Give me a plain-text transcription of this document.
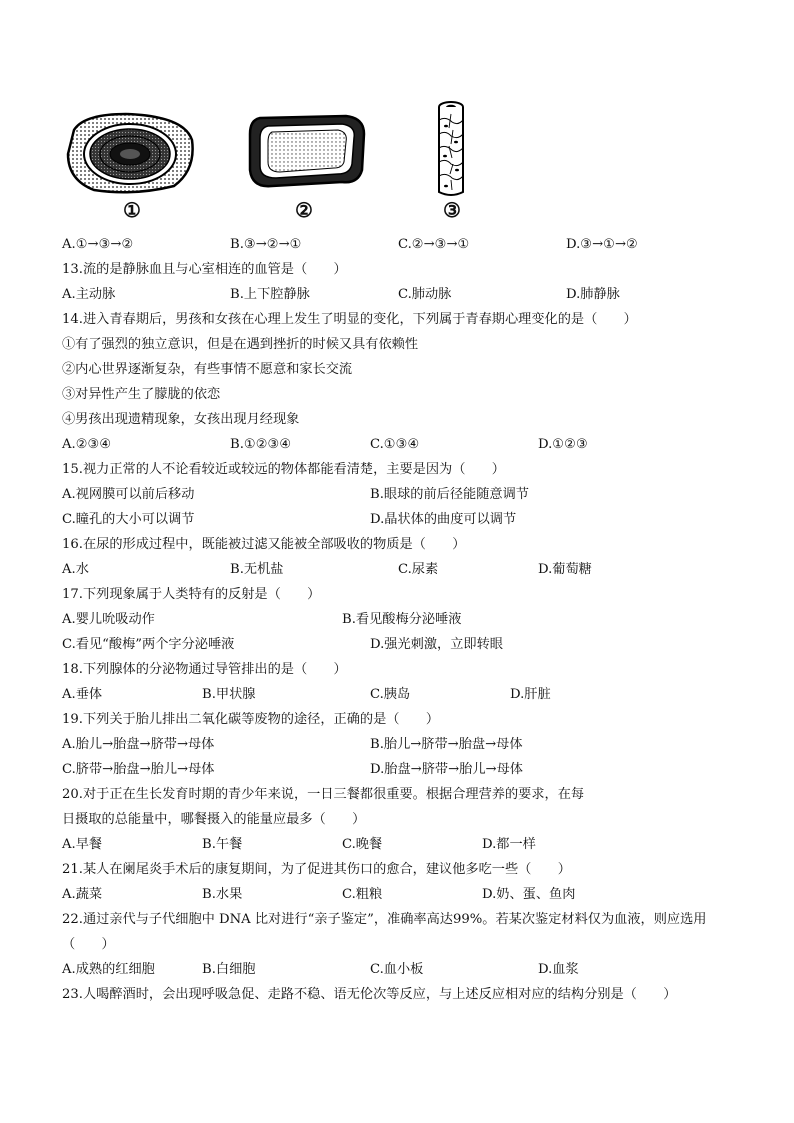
①	②	③
A.①→③→②	B.③→②→①	C.②→③→①	D.③→①→②
13.流的是静脉血且与心室相连的血管是（　　）
A.主动脉	B.上下腔静脉	C.肺动脉	D.肺静脉
14.进入青春期后，男孩和女孩在心理上发生了明显的变化，下列属于青春期心理变化的是（　　）
①有了强烈的独立意识，但是在遇到挫折的时候又具有依赖性
②内心世界逐渐复杂，有些事情不愿意和家长交流
③对异性产生了朦胧的依恋
④男孩出现遗精现象，女孩出现月经现象
A.②③④	B.①②③④	C.①③④	D.①②③
15.视力正常的人不论看较近或较远的物体都能看清楚，主要是因为（　　）
A.视网膜可以前后移动	B.眼球的前后径能随意调节
C.瞳孔的大小可以调节	D.晶状体的曲度可以调节
16.在尿的形成过程中，既能被过滤又能被全部吸收的物质是（　　）
A.水	B.无机盐	C.尿素	D.葡萄糖
17.下列现象属于人类特有的反射是（　　）
A.婴儿吮吸动作	B.看见酸梅分泌唾液
C.看见“酸梅”两个字分泌唾液	D.强光刺激，立即转眼
18.下列腺体的分泌物通过导管排出的是（　　）
A.垂体	B.甲状腺	C.胰岛	D.肝脏
19.下列关于胎儿排出二氧化碳等废物的途径，正确的是（　　）
A.胎儿→胎盘→脐带→母体	B.胎儿→脐带→胎盘→母体
C.脐带→胎盘→胎儿→母体	D.胎盘→脐带→胎儿→母体
20.对于正在生长发育时期的青少年来说，一日三餐都很重要。根据合理营养的要求，在每
日摄取的总能量中，哪餐摄入的能量应最多（　　）
A.早餐	B.午餐	C.晚餐	D.都一样
21.某人在阑尾炎手术后的康复期间，为了促进其伤口的愈合，建议他多吃一些（　　）
A.蔬菜	B.水果	C.粗粮	D.奶、蛋、鱼肉
22.通过亲代与子代细胞中 DNA 比对进行“亲子鉴定”，准确率高达99%。若某次鉴定材料仅为血液，则应选用
（　　）
A.成熟的红细胞	B.白细胞	C.血小板	D.血浆
23.人喝醉酒时，会出现呼吸急促、走路不稳、语无伦次等反应，与上述反应相对应的结构分别是（　　）
